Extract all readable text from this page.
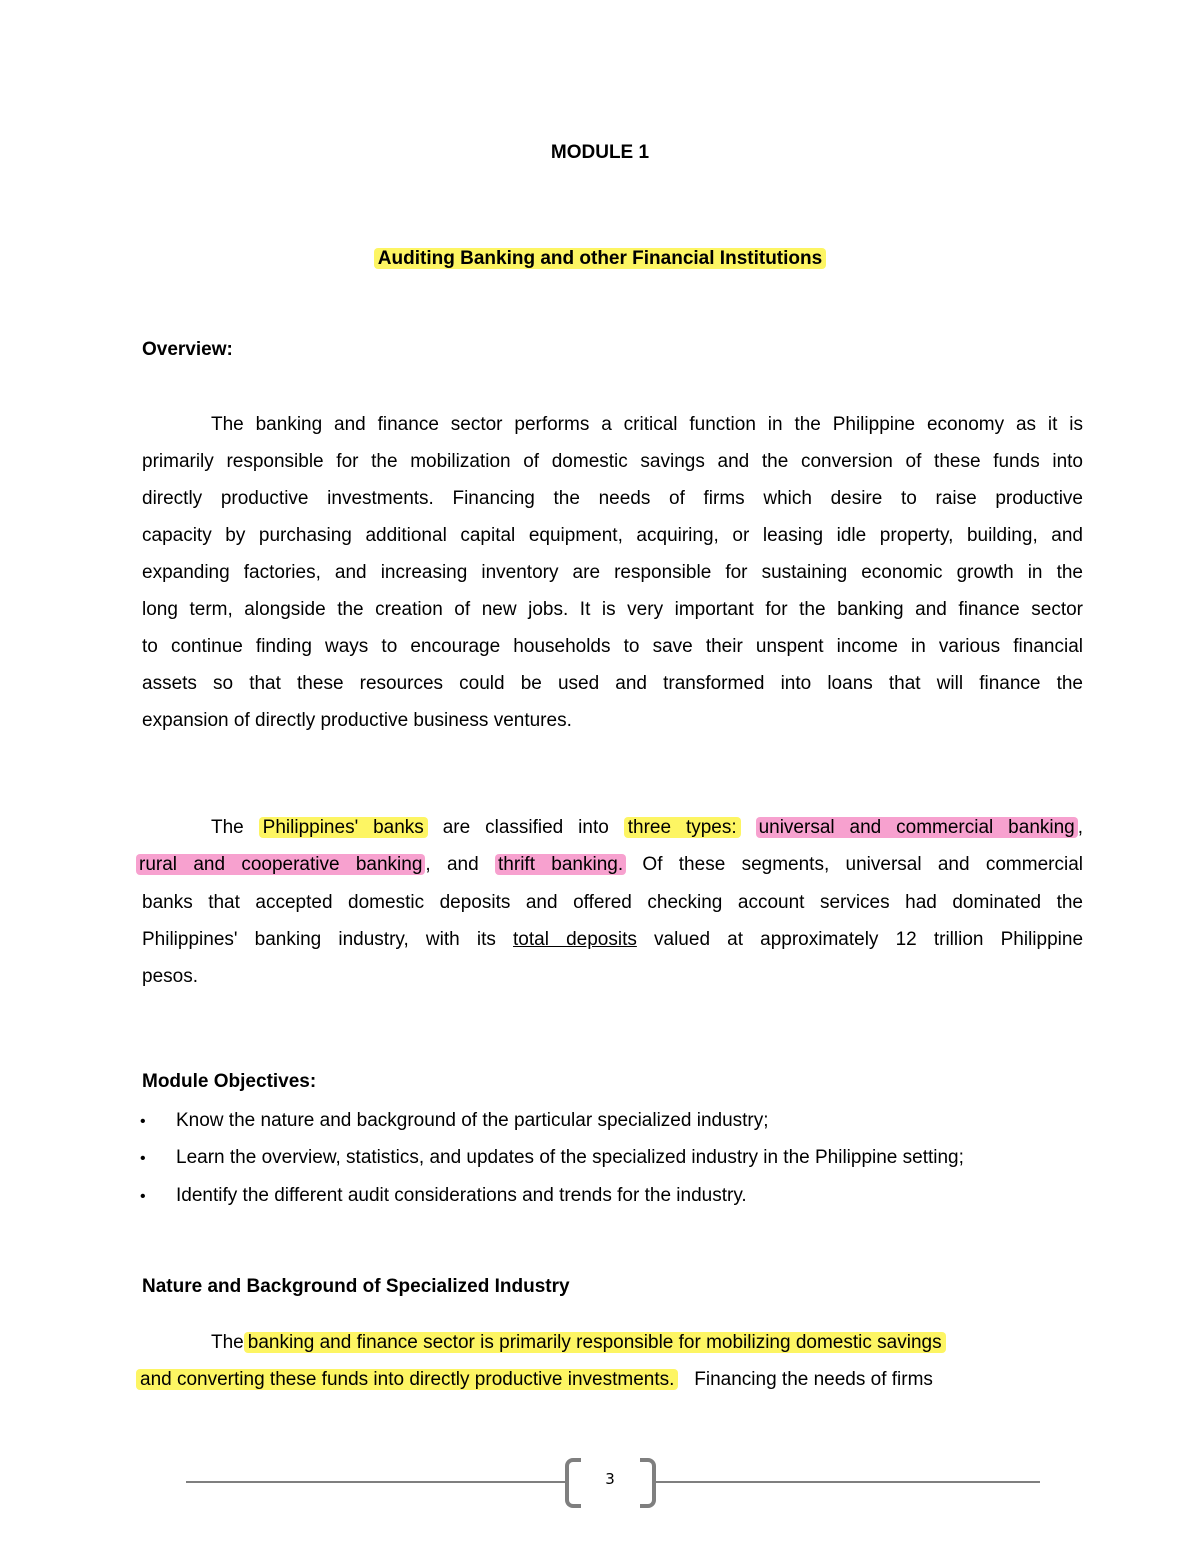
MODULE 1
Auditing Banking and other Financial Institutions
Overview:
The banking and finance sector performs a critical function in the Philippine economy as it is
primarily responsible for the mobilization of domestic savings and the conversion of these funds into
directly productive investments. Financing the needs of firms which desire to raise productive
capacity by purchasing additional capital equipment, acquiring, or leasing idle property, building, and
expanding factories, and increasing inventory are responsible for sustaining economic growth in the
long term, alongside the creation of new jobs. It is very important for the banking and finance sector
to continue finding ways to encourage households to save their unspent income in various financial
assets so that these resources could be used and transformed into loans that will finance the
expansion of directly productive business ventures.
The Philippines' banks are classified into three types: universal and commercial banking ,
rural and cooperative banking , and thrift banking. Of these segments, universal and commercial
banks that accepted domestic deposits and offered checking account services had dominated the
Philippines' banking industry, with its total deposits valued at approximately 12 trillion Philippine
pesos.
Module Objectives:
• Know the nature and background of the particular specialized industry;
• Learn the overview, statistics, and updates of the specialized industry in the Philippine setting;
• Identify the different audit considerations and trends for the industry.
Nature and Background of Specialized Industry
The banking and finance sector is primarily responsible for mobilizing domestic savings
and converting these funds into directly productive investments. Financing the needs of firms
3
